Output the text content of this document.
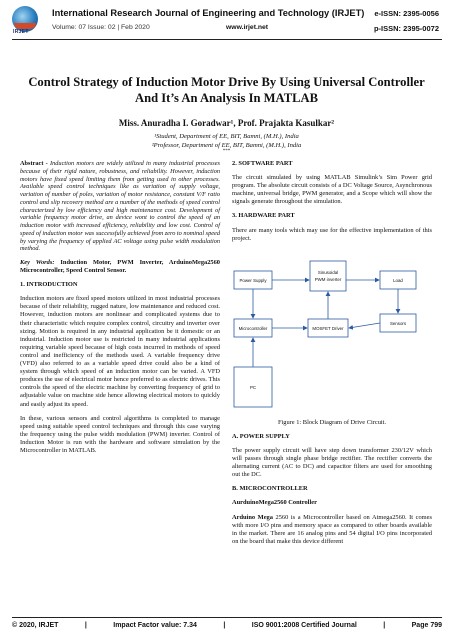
IRJET
International Research Journal of Engineering and Technology (IRJET) e-ISSN: 2395-0056
Volume: 07 Issue: 02 | Feb 2020	www.irjet.net	p-ISSN: 2395-0072
Control Strategy of Induction Motor Drive By Using Universal Controller And It’s An Analysis In MATLAB
Miss. Anuradha I. Goradwar¹, Prof. Prajakta Kasulkar²
¹Student, Department of EE, BIT, Bamni, (M.H.), India
²Professor, Department of EE, BIT, Bamni, (M.H.), India
***

Abstract - Induction motors are widely utilized in many industrial processes because of their rigid nature, robustness, and reliability. However, induction motors have fixed speed limiting them from getting used in other processes. Available speed control techniques like as variation of supply voltage, variation of number of poles, variation of motor resistance, constant V/F ratio control and slip recovery method are a number of the methods of speed control characterized by low efficiency and high maintenance cost. Development of variable frequency motor drive, an device wont to control the speed of an induction motor with increased efficiency, reliability and low cost. Control of speed of induction motor was successfully achieved from zero to nominal speed by varying the frequency of applied AC voltage using pulse width modulation method.

Key Words: Induction Motor, PWM Inverter, ArduinoMega2560 Microcontroller, Speed Control Sensor.

1. INTRODUCTION

Induction motors are fixed speed motors utilized in most industrial processes because of their reliability, rugged nature, low maintenance and reduced cost. However, induction motors are nonlinear and complicated systems due to their characteristic which require complex control, circuitry and inverter over sizing. Motion is required in any industrial application be it domestic or an industrial. Induction motor use is restricted in many industrial applications requiring variable speed because of high costs incurred in methods of speed control and inefficiency of the methods used. A variable frequency drive (VFD) also referred to as a variable speed drive could also be a kind of system through which speed of an induction motor can be varied. A VFD produces the use of electrical motor hence preferred to as electric drives. This controls the speed of the electric machine by converting frequency of grid to adjustable value on machine side hence allowing electrical motors to quickly and easily adjust its speed.

In these, various sensors and control algorithms is completed to manage speed using suitable speed control techniques and through this case varying the frequency using the pulse width modulation (PWM) inverter. Control of Induction Motor is run with the hardware and software simulation by the Microcontroller in MATLAB.

2. SOFTWARE PART

The circuit simulated by using MATLAB Simulink’s Sim Power grid program. The absolute circuit consists of a DC Voltage Source, Asynchronous machine, universal bridge, PWM generator, and a Scope which will show the signals generate throughout the simulation.

3. HARDWARE PART

There are many tools which may use for the effective implementation of this project.

Power Supply
Sinusoidal
PWM inverter	Load
Microcontroller	MOSFET Driver
Sensors
PC

Figure 1: Block Diagram of Drive Circuit.

A. POWER SUPPLY

The power supply circuit will have step down transformer 230/12V which will passes through single phase bridge rectifier. The rectifier converts the alternating current (AC to DC) and capacitor filters are used for smoothing out the DC.

B. MICROCONTROLLER

AurduinoMega2560 Controller

Arduino Mega 2560 is a Microcontroller based on Atmega2560. It comes with more I/O pins and memory space as compared to other boards available in the market. There are 16 analog pins and 54 digital I/O pins incorporated on the board that make this device different

© 2020, IRJET	|	Impact Factor value: 7.34	|	ISO 9001:2008 Certified Journal	|	Page 799
